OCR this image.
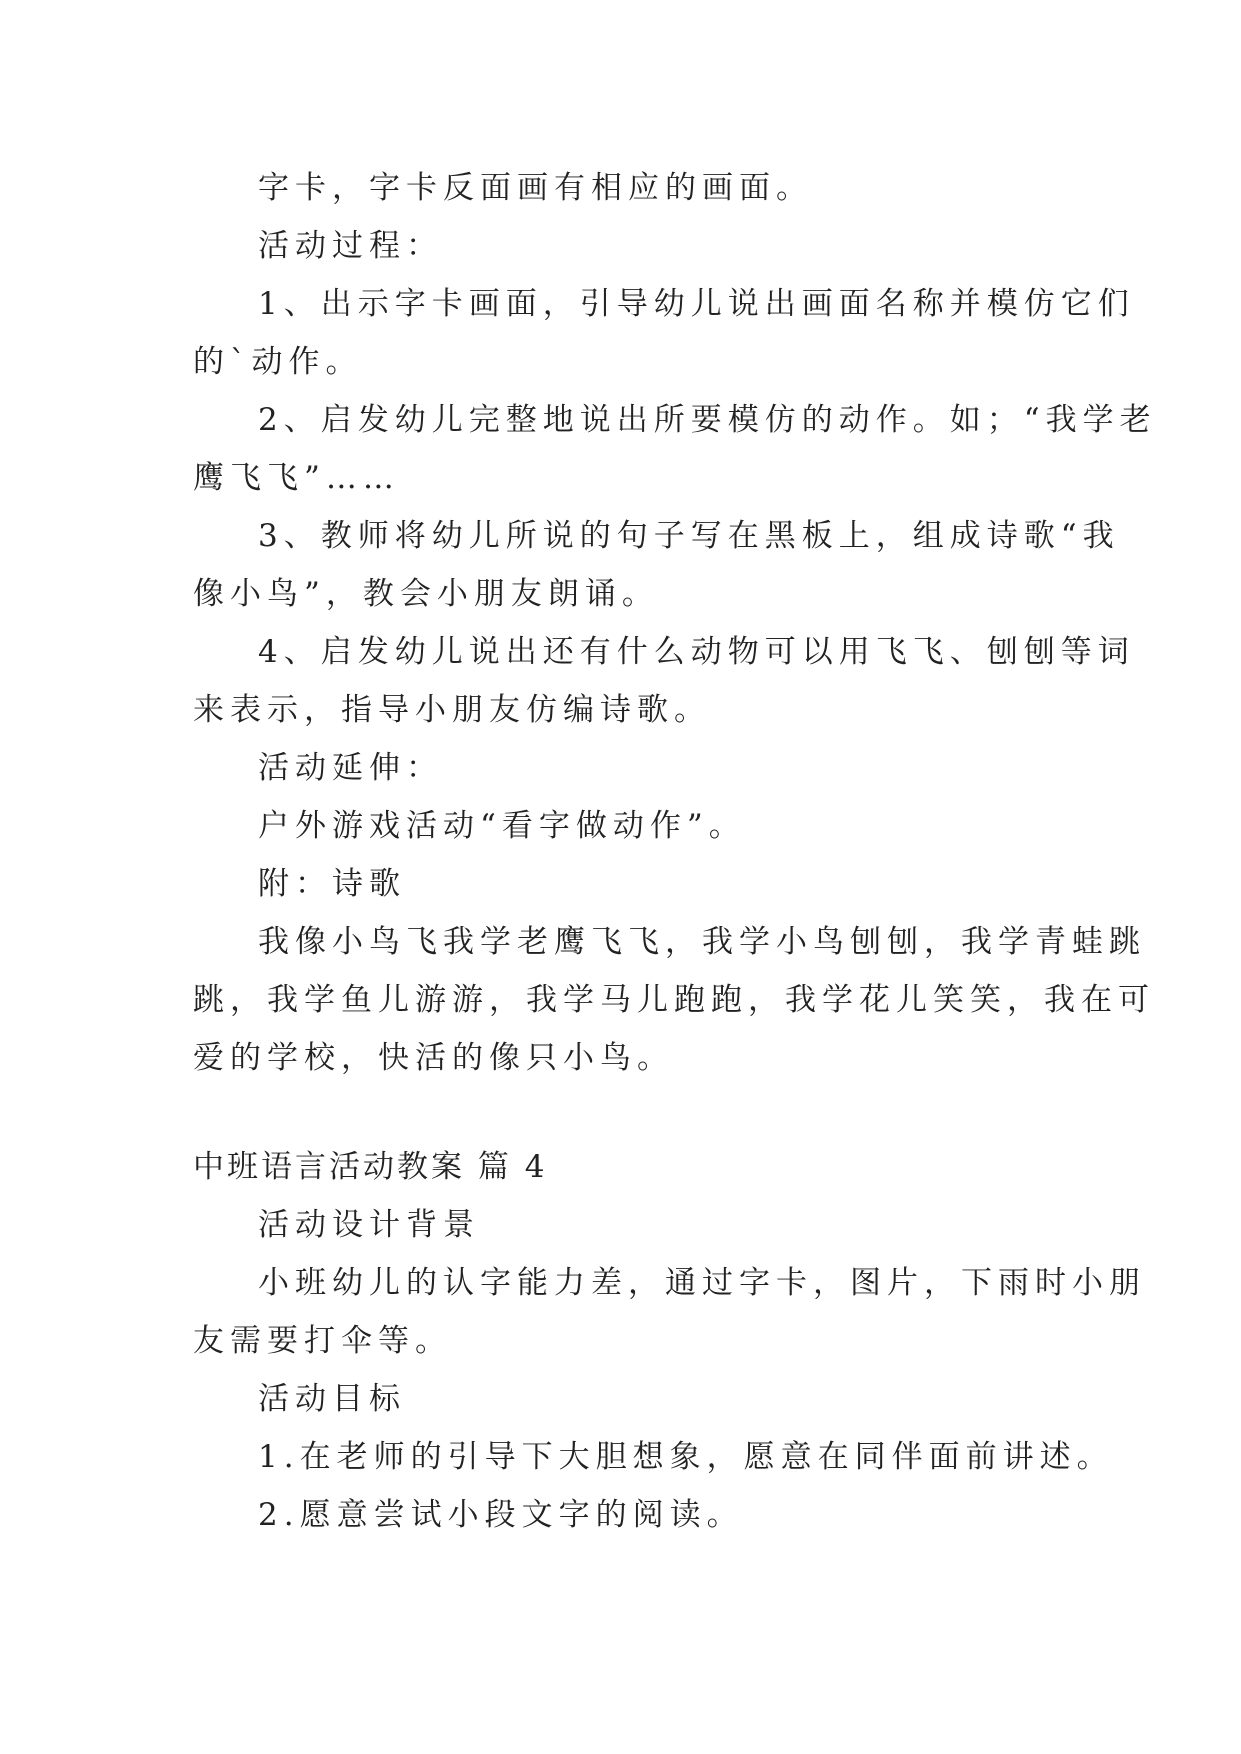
字卡，字卡反面画有相应的画面。
活动过程：
1、出示字卡画面，引导幼儿说出画面名称并模仿它们
的`动作。
2、启发幼儿完整地说出所要模仿的动作。如；“我学老
鹰飞飞”……
3、教师将幼儿所说的句子写在黑板上，组成诗歌“我
像小鸟”，教会小朋友朗诵。
4、启发幼儿说出还有什么动物可以用飞飞、刨刨等词
来表示，指导小朋友仿编诗歌。
活动延伸：
户外游戏活动“看字做动作”。
附：诗歌
我像小鸟飞我学老鹰飞飞，我学小鸟刨刨，我学青蛙跳
跳，我学鱼儿游游，我学马儿跑跑，我学花儿笑笑，我在可
爱的学校，快活的像只小鸟。
中班语言活动教案 篇 4
活动设计背景
小班幼儿的认字能力差，通过字卡，图片，下雨时小朋
友需要打伞等。
活动目标
1.在老师的引导下大胆想象，愿意在同伴面前讲述。
2.愿意尝试小段文字的阅读。
